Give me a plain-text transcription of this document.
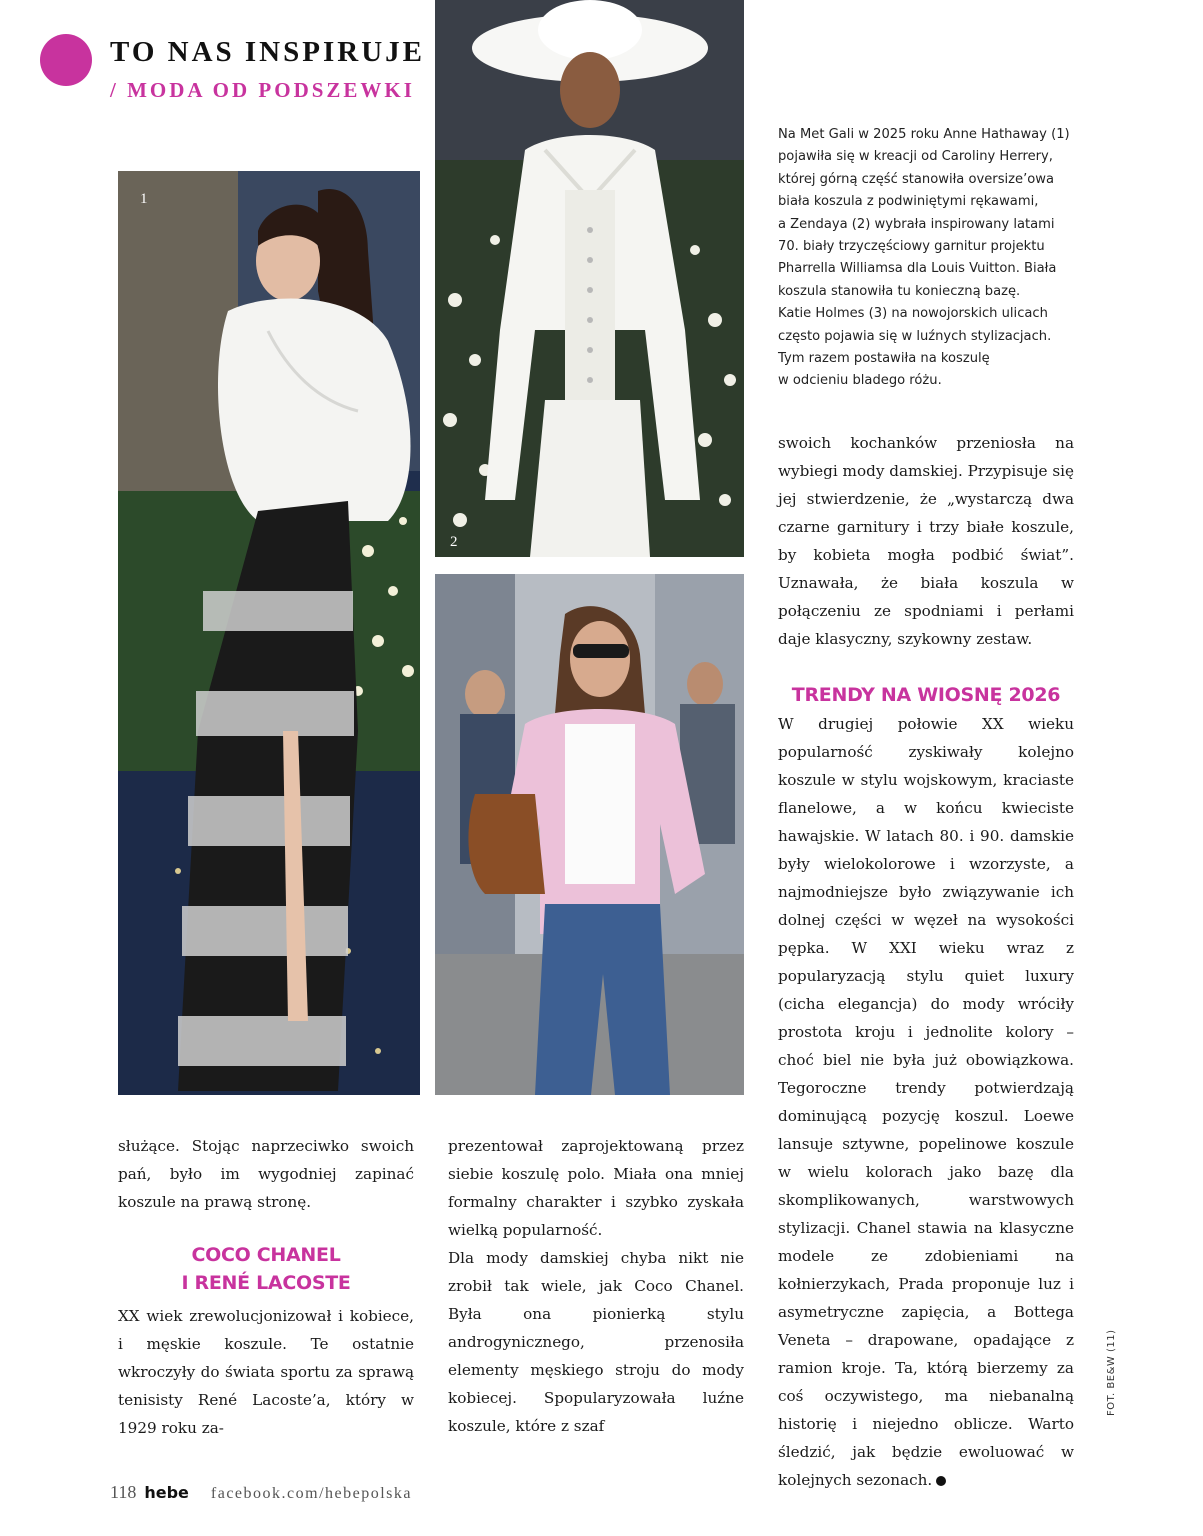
TO NAS INSPIRUJE
/ MODA OD PODSZEWKI
1
2
Na Met Gali w 2025 roku Anne Hathaway (1)
pojawiła się w kreacji od Caroliny Herrery,
której górną część stanowiła oversize’owa
biała koszula z podwiniętymi rękawami,
a Zendaya (2) wybrała inspirowany latami
70. biały trzyczęściowy garnitur projektu
Pharrella Williamsa dla Louis Vuitton. Biała
koszula stanowiła tu konieczną bazę.
Katie Holmes (3) na nowojorskich ulicach
często pojawia się w luźnych stylizacjach.
Tym razem postawiła na koszulę
w odcieniu bladego różu.

służące. Stojąc naprzeciwko swoich pań, było im wygodniej zapinać koszule na prawą stronę.

COCO CHANEL
I RENÉ LACOSTE

XX wiek zrewolucjonizował i kobiece, i męskie koszule. Te ostatnie wkroczyły do świata sportu za sprawą tenisisty René Lacoste’a, który w 1929 roku za-

prezentował zaprojektowaną przez siebie koszulę polo. Miała ona mniej formalny charakter i szybko zyskała wielką popularność.

Dla mody damskiej chyba nikt nie zrobił tak wiele, jak Coco Chanel. Była ona pionierką stylu androgynicznego, przenosiła elementy męskiego stroju do mody kobiecej. Spopularyzowała luźne koszule, które z szaf

swoich kochanków przeniosła na wybiegi mody damskiej. Przypisuje się jej stwierdzenie, że „wystarczą dwa czarne garnitury i trzy białe koszule, by kobieta mogła podbić świat”. Uznawała, że biała koszula w połączeniu ze spodniami i perłami daje klasyczny, szykowny zestaw.

TRENDY NA WIOSNĘ 2026

W drugiej połowie XX wieku popularność zyskiwały kolejno koszule w stylu wojskowym, kraciaste flanelowe, a w końcu kwieciste hawajskie. W latach 80. i 90. damskie były wielokolorowe i wzorzyste, a najmodniejsze było związywanie ich dolnej części w węzeł na wysokości pępka. W XXI wieku wraz z popularyzacją stylu quiet luxury (cicha elegancja) do mody wróciły prostota kroju i jednolite kolory – choć biel nie była już obowiązkowa. Tegoroczne trendy potwierdzają dominującą pozycję koszul. Loewe lansuje sztywne, popelinowe koszule w wielu kolorach jako bazę dla skomplikowanych, warstwowych stylizacji. Chanel stawia na klasyczne modele ze zdobieniami na kołnierzykach, Prada proponuje luz i asymetryczne zapięcia, a Bottega Veneta – drapowane, opadające z ramion kroje. Ta, którą bierzemy za coś oczywistego, ma niebanalną historię i niejedno oblicze. Warto śledzić, jak będzie ewoluować w kolejnych sezonach.

FOT. BE&W (11)
118 hebe facebook.com/hebepolska
